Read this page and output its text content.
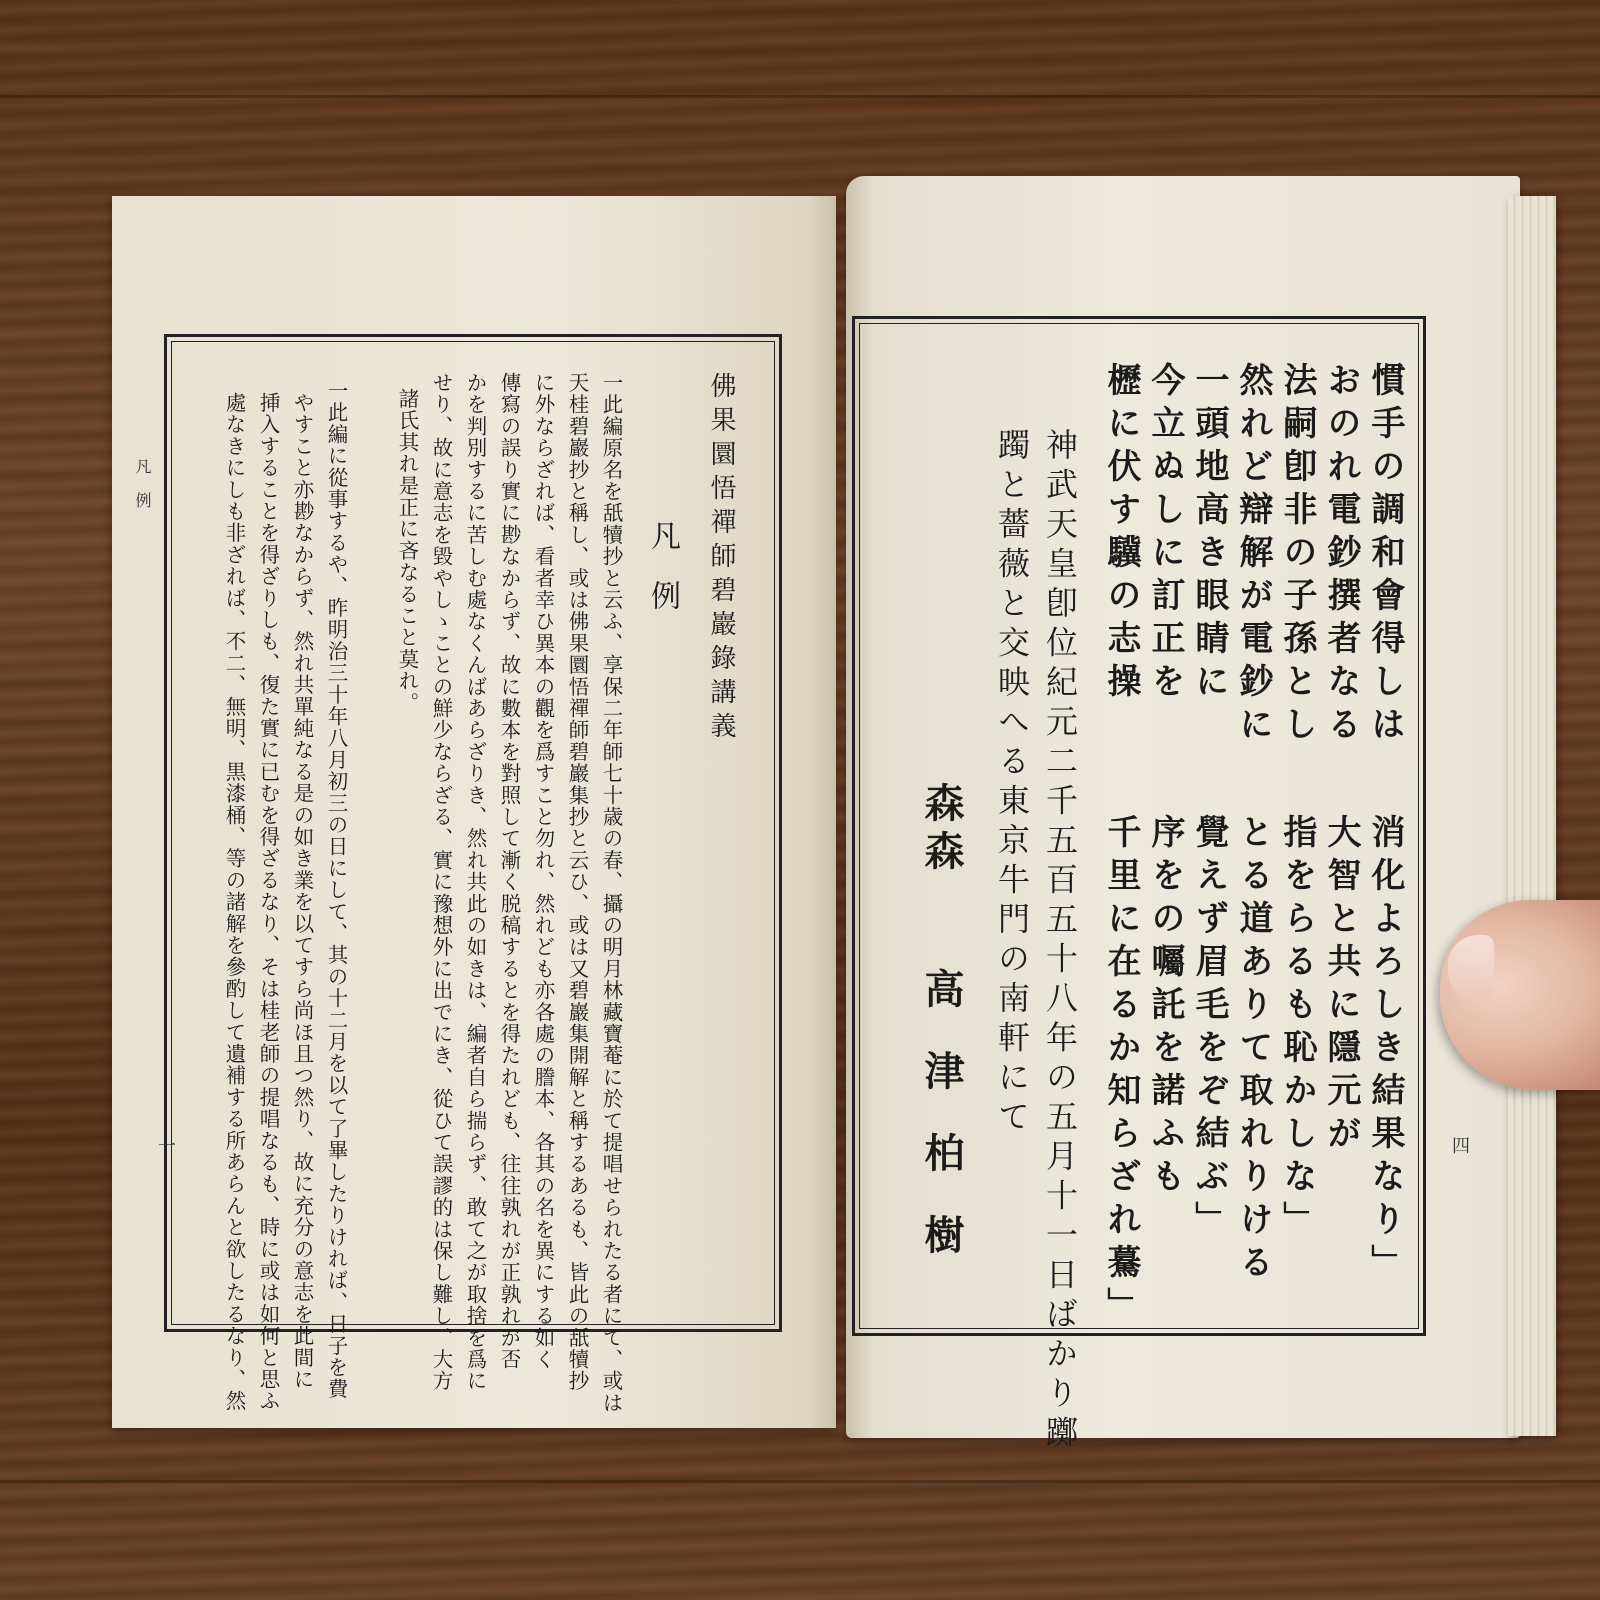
凡例
一
佛果圜悟禪師碧巖錄講義
凡例
一此編原名を舐犢抄と云ふ、享保二年師七十歳の春、攝の明月林藏寶菴に於て提唱せられたる者にて、或は
天桂碧巖抄と稱し、或は佛果圜悟禪師碧巖集抄と云ひ、或は又碧巖集開解と稱するあるも、皆此の舐犢抄
に外ならざれば、看者幸ひ異本の觀を爲すこと勿れ、然れども亦各處の謄本、各其の名を異にする如く
傳寫の誤り實に尠なからず、故に數本を對照して漸く脱稿するとを得たれども、往往孰れが正孰れが否
かを判別するに苦しむ處なくんばあらざりき、然れ共此の如きは、編者自ら揣らず、敢て之が取捨を爲に
せり、故に意志を毀やしゝことの鮮少ならざる、實に豫想外に出でにき、從ひて誤謬的は保し難し、大方
諸氏其れ是正に吝なること莫れ。
一此編に從事するや、昨明治三十年八月初三の日にして、其の十二月を以て了畢したりければ、日子を費
やすこと亦尠なからず、然れ共單純なる是の如き業を以てすら尚ほ且つ然り、故に充分の意志を此間に
挿入することを得ざりしも、復た實に已むを得ざるなり、そは桂老師の提唱なるも、時に或は如何と思ふ
處なきにしも非ざれば、不二、無明、黒漆桶、等の諸解を參酌して遺補する所あらんと欲したるなり、然	四
慣手の調和會得しは
おのれ電鈔撰者なる
法嗣卽非の子孫とし
然れど辯解が電鈔に
一頭地高き眼睛に
今立ぬしに訂正を
櫪に伏す驥の志操
消化よろしき結果なり」
大智と共に隱元が
指をらるも恥かしな」
とる道ありて取れりける
覺えず眉毛をぞ結ぶ」
序をの囑託を諾ふも
千里に在るか知らざれ驀」
神武天皇卽位紀元二千五百五十八年の五月十一日ばかり躑
躅と薔薇と交映へる東京牛門の南軒にて
森森
高津柏樹
